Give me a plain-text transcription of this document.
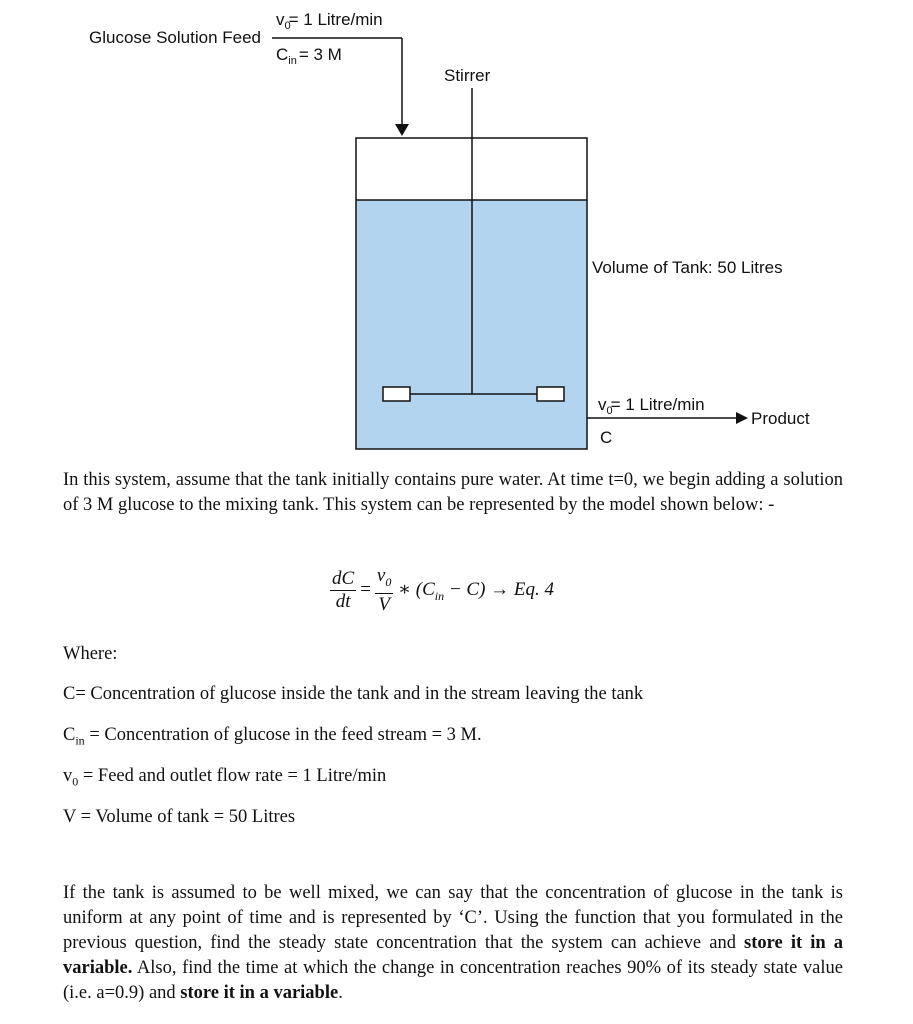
Glucose Solution Feed
$v_0= 1$ Litre/min
$C_{in} = 3$ M
Stirrer
Volume of Tank: 50 Litres
$v_0= 1$ Litre/min
C
Product
In this system, assume that the tank initially contains pure water. At time t=0, we begin adding a solution of 3 M glucose to the mixing tank. This system can be represented by the model shown below: -
$\frac{dC}{dt} = \frac{v_0}{V}$ ∗ $(C_{in} - C) \to Eq$. 4
Where:
C= Concentration of glucose inside the tank and in the stream leaving the tank
$C_{in}$ = Concentration of glucose in the feed stream = 3 M.
$v_0$ = Feed and outlet flow rate = 1 Litre/min
V = Volume of tank = 50 Litres
If the tank is assumed to be well mixed, we can say that the concentration of glucose in the tank is uniform at any point of time and is represented by ‘C’. Using the function that you formulated in the previous question, find the steady state concentration that the system can achieve and store it in a variable. Also, find the time at which the change in concentration reaches 90% of its steady state value (i.e. a=0.9) and store it in a variable.
